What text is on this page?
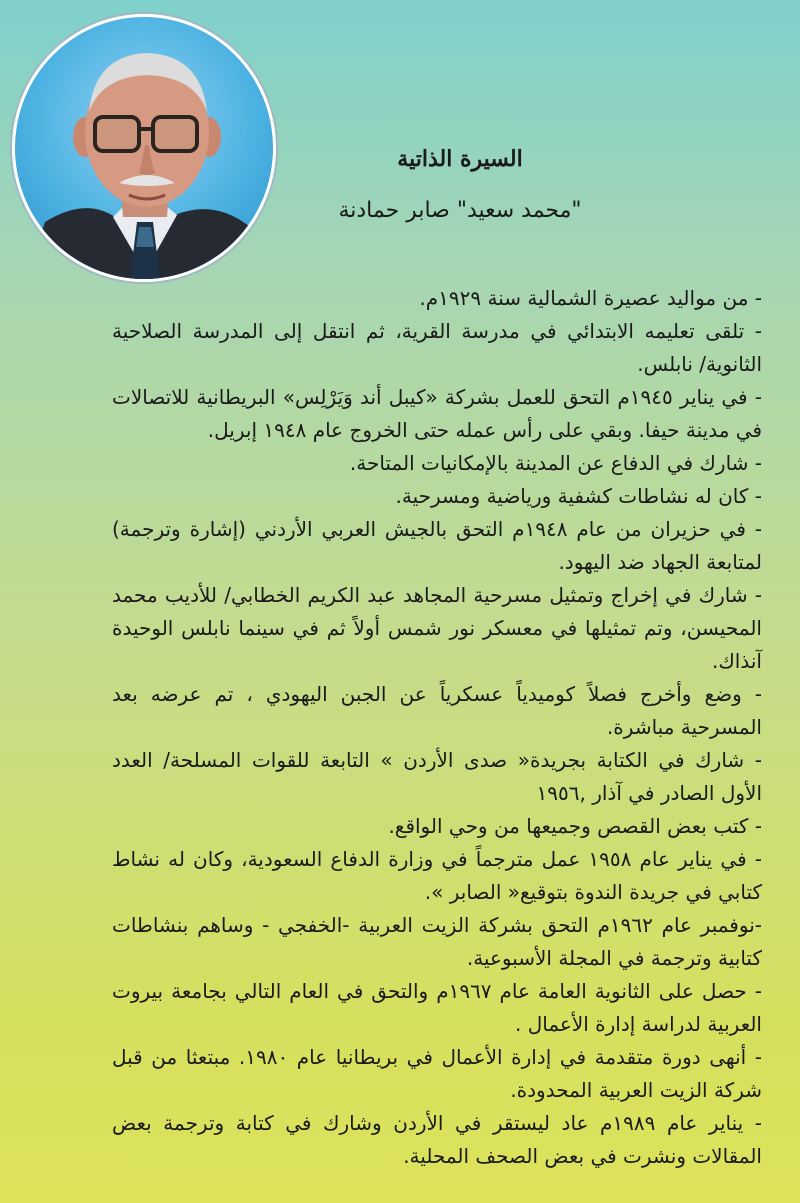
السيرة الذاتية
"محمد سعيد" صابر حمادنة
- من مواليد عصيرة الشمالية سنة ١٩٢٩م.
- تلقى تعليمه الابتدائي في مدرسة القرية، ثم انتقل إلى المدرسة الصلاحية الثانوية/ نابلس.
- في يناير ١٩٤٥م التحق للعمل بشركة «كيبل أند وَيَرْلِس» البريطانية للاتصالات في مدينة حيفا. وبقي على رأس عمله حتى الخروج عام ١٩٤٨ إبريل.
- شارك في الدفاع عن المدينة بالإمكانيات المتاحة.
- كان له نشاطات كشفية ورياضية ومسرحية.
- في حزيران من عام ١٩٤٨م التحق بالجيش العربي الأردني (إشارة وترجمة) لمتابعة الجهاد ضد اليهود.
- شارك في إخراج وتمثيل مسرحية المجاهد عبد الكريم الخطابي/ للأديب محمد المحيسن، وتم تمثيلها في معسكر نور شمس أولاً ثم في سينما نابلس الوحيدة آنذاك.
- وضع وأخرج فصلاً كوميدياً عسكرياً عن الجبن اليهودي ، تم عرضه بعد المسرحية مباشرة.
- شارك في الكتابة بجريدة« صدى الأردن » التابعة للقوات المسلحة/ العدد الأول الصادر في آذار ,١٩٥٦
- كتب بعض القصص وجميعها من وحي الواقع.
- في يناير عام ١٩٥٨ عمل مترجماً في وزارة الدفاع السعودية، وكان له نشاط كتابي في جريدة الندوة بتوقيع« الصابر ».
-نوفمبر عام ١٩٦٢م التحق بشركة الزيت العربية -الخفجي - وساهم بنشاطات كتابية وترجمة في المجلة الأسبوعية.
- حصل على الثانوية العامة عام ١٩٦٧م والتحق في العام التالي بجامعة بيروت العربية لدراسة إدارة الأعمال .
- أنهى دورة متقدمة في إدارة الأعمال في بريطانيا عام ١٩٨٠. مبتعثا من قبل شركة الزيت العربية المحدودة.
- يناير عام ١٩٨٩م عاد ليستقر في الأردن وشارك في كتابة وترجمة بعض المقالات ونشرت في بعض الصحف المحلية.
